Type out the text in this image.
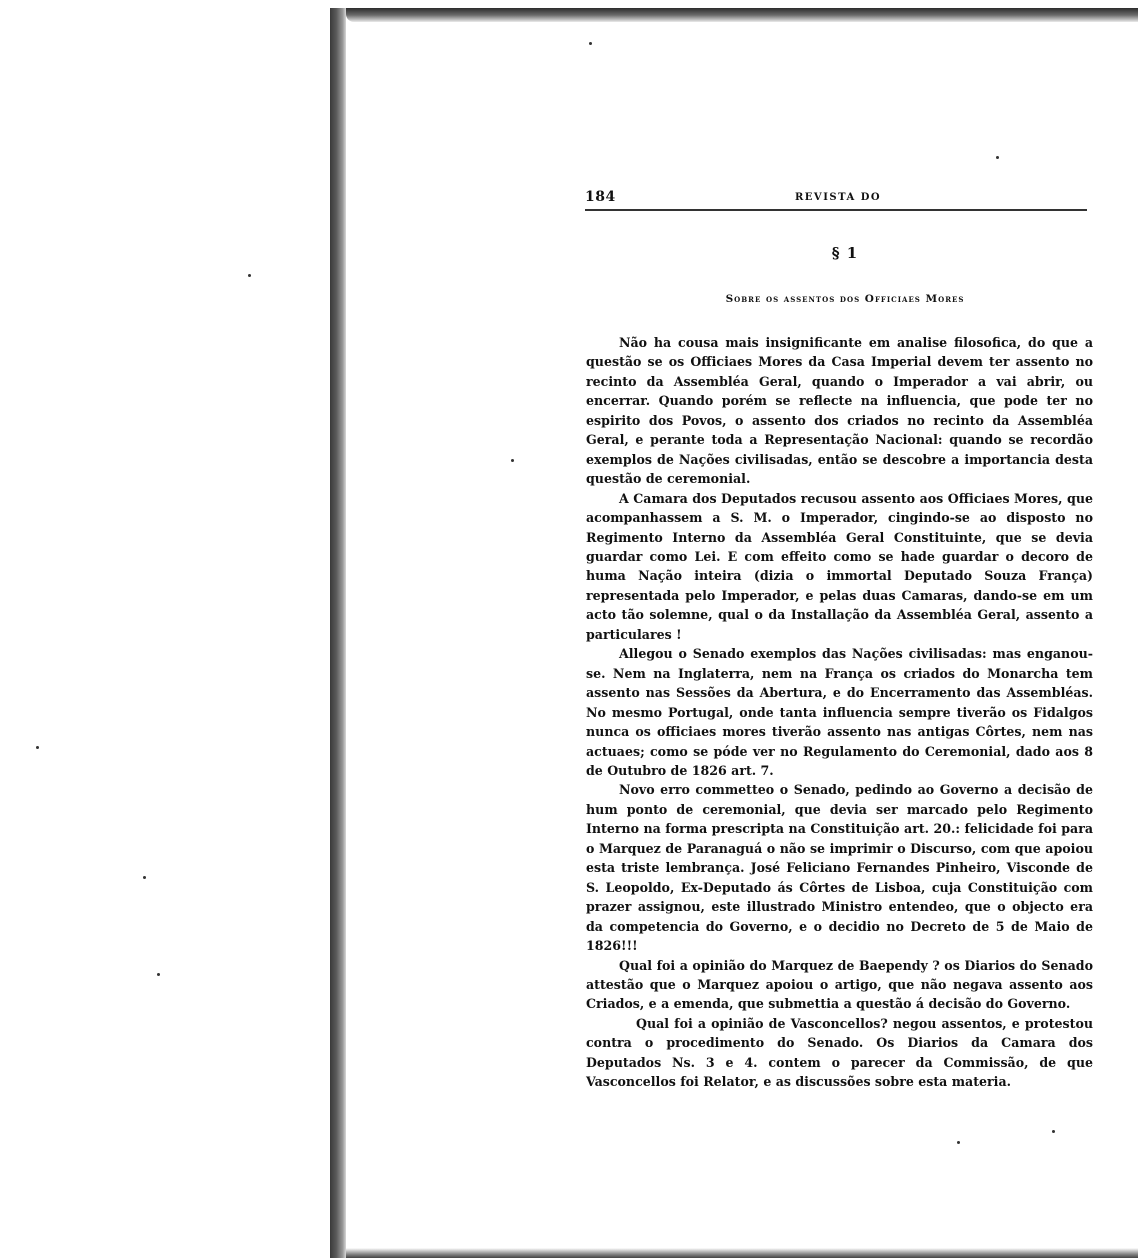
184	REVISTA DO
§ 1
Sobre os assentos dos Officiaes Mores

Não ha cousa mais insignificante em analise filosofica, do que a questão se os Officiaes Mores da Casa Imperial devem ter assento no recinto da Assembléa Geral, quando o Imperador a vai abrir, ou encerrar. Quando porém se reflecte na influencia, que pode ter no espirito dos Povos, o assento dos criados no recinto da Assembléa Geral, e perante toda a Representação Nacional: quando se recordão exemplos de Nações civilisadas, então se descobre a importancia desta questão de ceremonial.

A Camara dos Deputados recusou assento aos Officiaes Mores, que acompanhassem a S. M. o Imperador, cingindo-se ao disposto no Regimento Interno da Assembléa Geral Constituinte, que se devia guardar como Lei. E com effeito como se hade guardar o decoro de huma Nação inteira (dizia o immortal Deputado Souza França) representada pelo Imperador, e pelas duas Camaras, dando-se em um acto tão solemne, qual o da Installação da Assembléa Geral, assento a particulares !

Allegou o Senado exemplos das Nações civilisadas: mas enganou-se. Nem na Inglaterra, nem na França os criados do Monarcha tem assento nas Sessões da Abertura, e do Encerramento das Assembléas. No mesmo Portugal, onde tanta influencia sempre tiverão os Fidalgos nunca os officiaes mores tiverão assento nas antigas Côrtes, nem nas actuaes; como se póde ver no Regulamento do Ceremonial, dado aos 8 de Outubro de 1826 art. 7.

Novo erro commetteo o Senado, pedindo ao Governo a decisão de hum ponto de ceremonial, que devia ser marcado pelo Regimento Interno na forma prescripta na Constituição art. 20.: felicidade foi para o Marquez de Paranaguá o não se imprimir o Discurso, com que apoiou esta triste lembrança. José Feliciano Fernandes Pinheiro, Visconde de S. Leopoldo, Ex-Deputado ás Côrtes de Lisboa, cuja Constituição com prazer assignou, este illustrado Ministro entendeo, que o objecto era da competencia do Governo, e o decidio no Decreto de 5 de Maio de 1826!!!

Qual foi a opinião do Marquez de Baependy ? os Diarios do Senado attestão que o Marquez apoiou o artigo, que não negava assento aos Criados, e a emenda, que submettia a questão á decisão do Governo.

Qual foi a opinião de Vasconcellos? negou assentos, e protestou contra o procedimento do Senado. Os Diarios da Camara dos Deputados Ns. 3 e 4. contem o parecer da Commissão, de que Vasconcellos foi Relator, e as discussões sobre esta materia.
